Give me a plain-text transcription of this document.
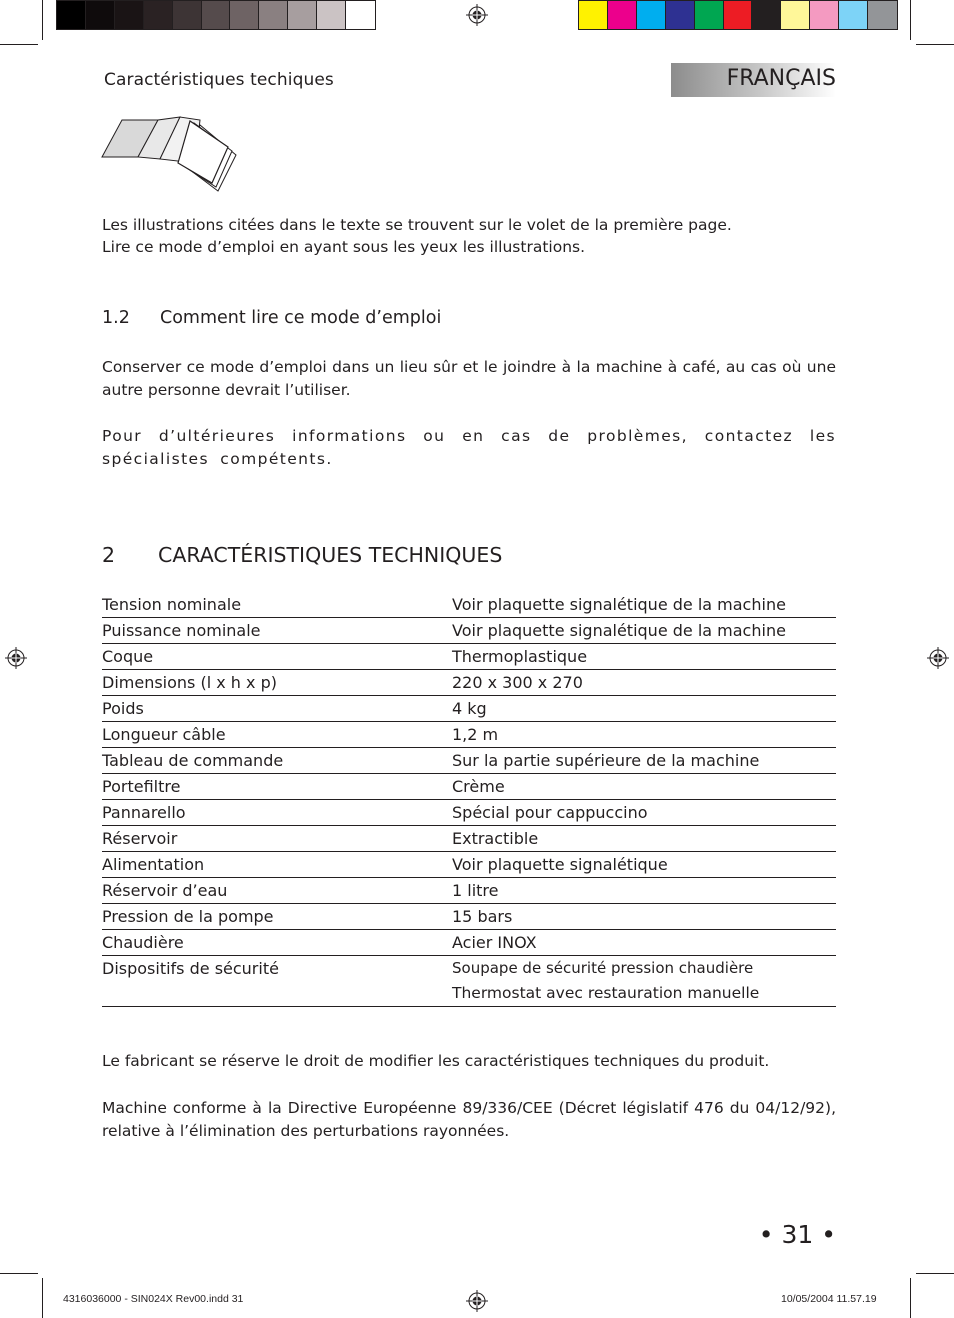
Caractéristiques techiques	FRANÇAIS
Les illustrations citées dans le texte se trouvent sur le volet de la première page.
Lire ce mode d’emploi en ayant sous les yeux les illustrations.
1.2 Comment lire ce mode d’emploi
Conserver ce mode d’emploi dans un lieu sûr et le joindre à la machine à café, au cas où une autre personne devrait l’utiliser.
Pour d’ultérieures informations ou en cas de problèmes, contactez les spécialistes compétents.
2 CARACTÉRISTIQUES TECHNIQUES
Tension nominale	Voir plaquette signalétique de la machine

Puissance nominale	Voir plaquette signalétique de la machine

Coque	Thermoplastique

Dimensions (l x h x p)	220 x 300 x 270

Poids	4 kg

Longueur câble	1,2 m

Tableau de commande	Sur la partie supérieure de la machine

Portefiltre	Crème

Pannarello	Spécial pour cappuccino

Réservoir	Extractible

Alimentation	Voir plaquette signalétique

Réservoir d’eau	1 litre

Pression de la pompe	15 bars

Chaudière	Acier INOX

Dispositifs de sécurité	Soupape de sécurité pression chaudière
Thermostat avec restauration manuelle
Le fabricant se réserve le droit de modifier les caractéristiques techniques du produit.
Machine conforme à la Directive Européenne 89/336/CEE (Décret législatif 476 du 04/12/92), relative à l’élimination des perturbations rayonnées.
• 31 •
4316036000 - SIN024X Rev00.indd 31	10/05/2004 11.57.19
